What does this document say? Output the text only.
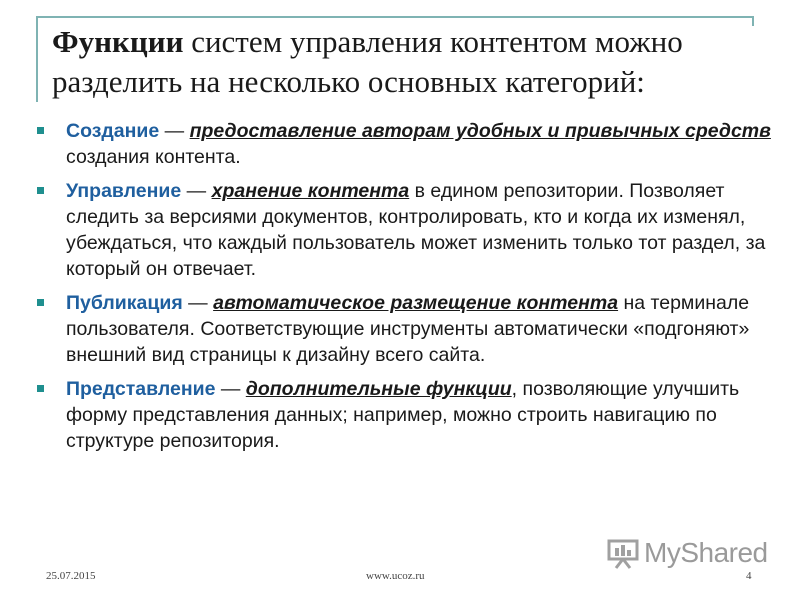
Функции систем управления контентом можно разделить на несколько основных категорий:
Создание — предоставление авторам удобных и привычных средств создания контента.
Управление — хранение контента в едином репозитории. Позволяет следить за версиями документов, контролировать, кто и когда их изменял, убеждаться, что каждый пользователь может изменить только тот раздел, за который он отвечает.
Публикация — автоматическое размещение контента на терминале пользователя. Соответствующие инструменты автоматически «подгоняют» внешний вид страницы к дизайну всего сайта.
Представление — дополнительные функции, позволяющие улучшить форму представления данных; например, можно строить навигацию по структуре репозитория.
MyShared
25.07.2015	www.ucoz.ru	4
